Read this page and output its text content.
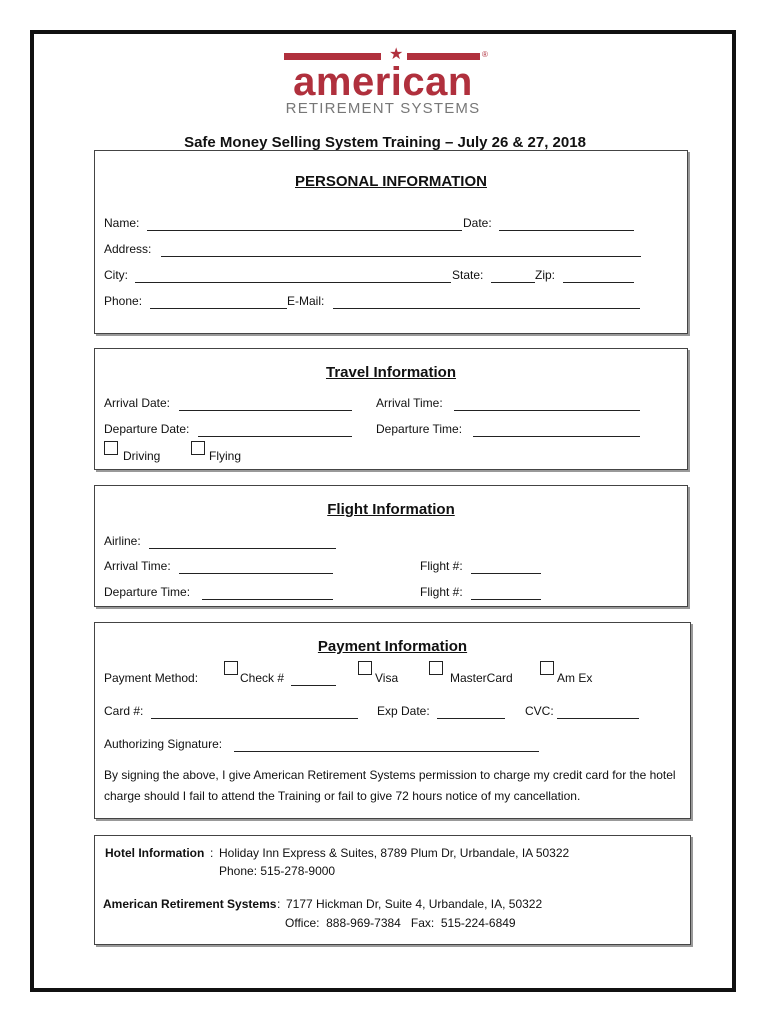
★	®
american
RETIREMENT SYSTEMS
Safe Money Selling System Training – July 26 & 27, 2018
PERSONAL INFORMATION
Name:	Date:
Address:
City:	State:	Zip:
Phone:	E-Mail:
Travel Information
Arrival Date:	Arrival Time:
Departure Date:	Departure Time:
Driving	Flying
Flight Information
Airline:
Arrival Time:	Flight #:
Departure Time:	Flight #:
Payment Information
Payment Method:	Check #	Visa	MasterCard	Am Ex
Card #:	Exp Date:	CVC:
Authorizing Signature:
By signing the above, I give American Retirement Systems permission to charge my credit card for the hotel charge should I fail to attend the Training or fail to give 72 hours notice of my cancellation.
Hotel Information : Holiday Inn Express & Suites, 8789 Plum Dr, Urbandale, IA 50322
Phone: 515-278-9000
American Retirement Systems : 7177 Hickman Dr, Suite 4, Urbandale, IA, 50322
Office:  888-969-7384   Fax:  515-224-6849
